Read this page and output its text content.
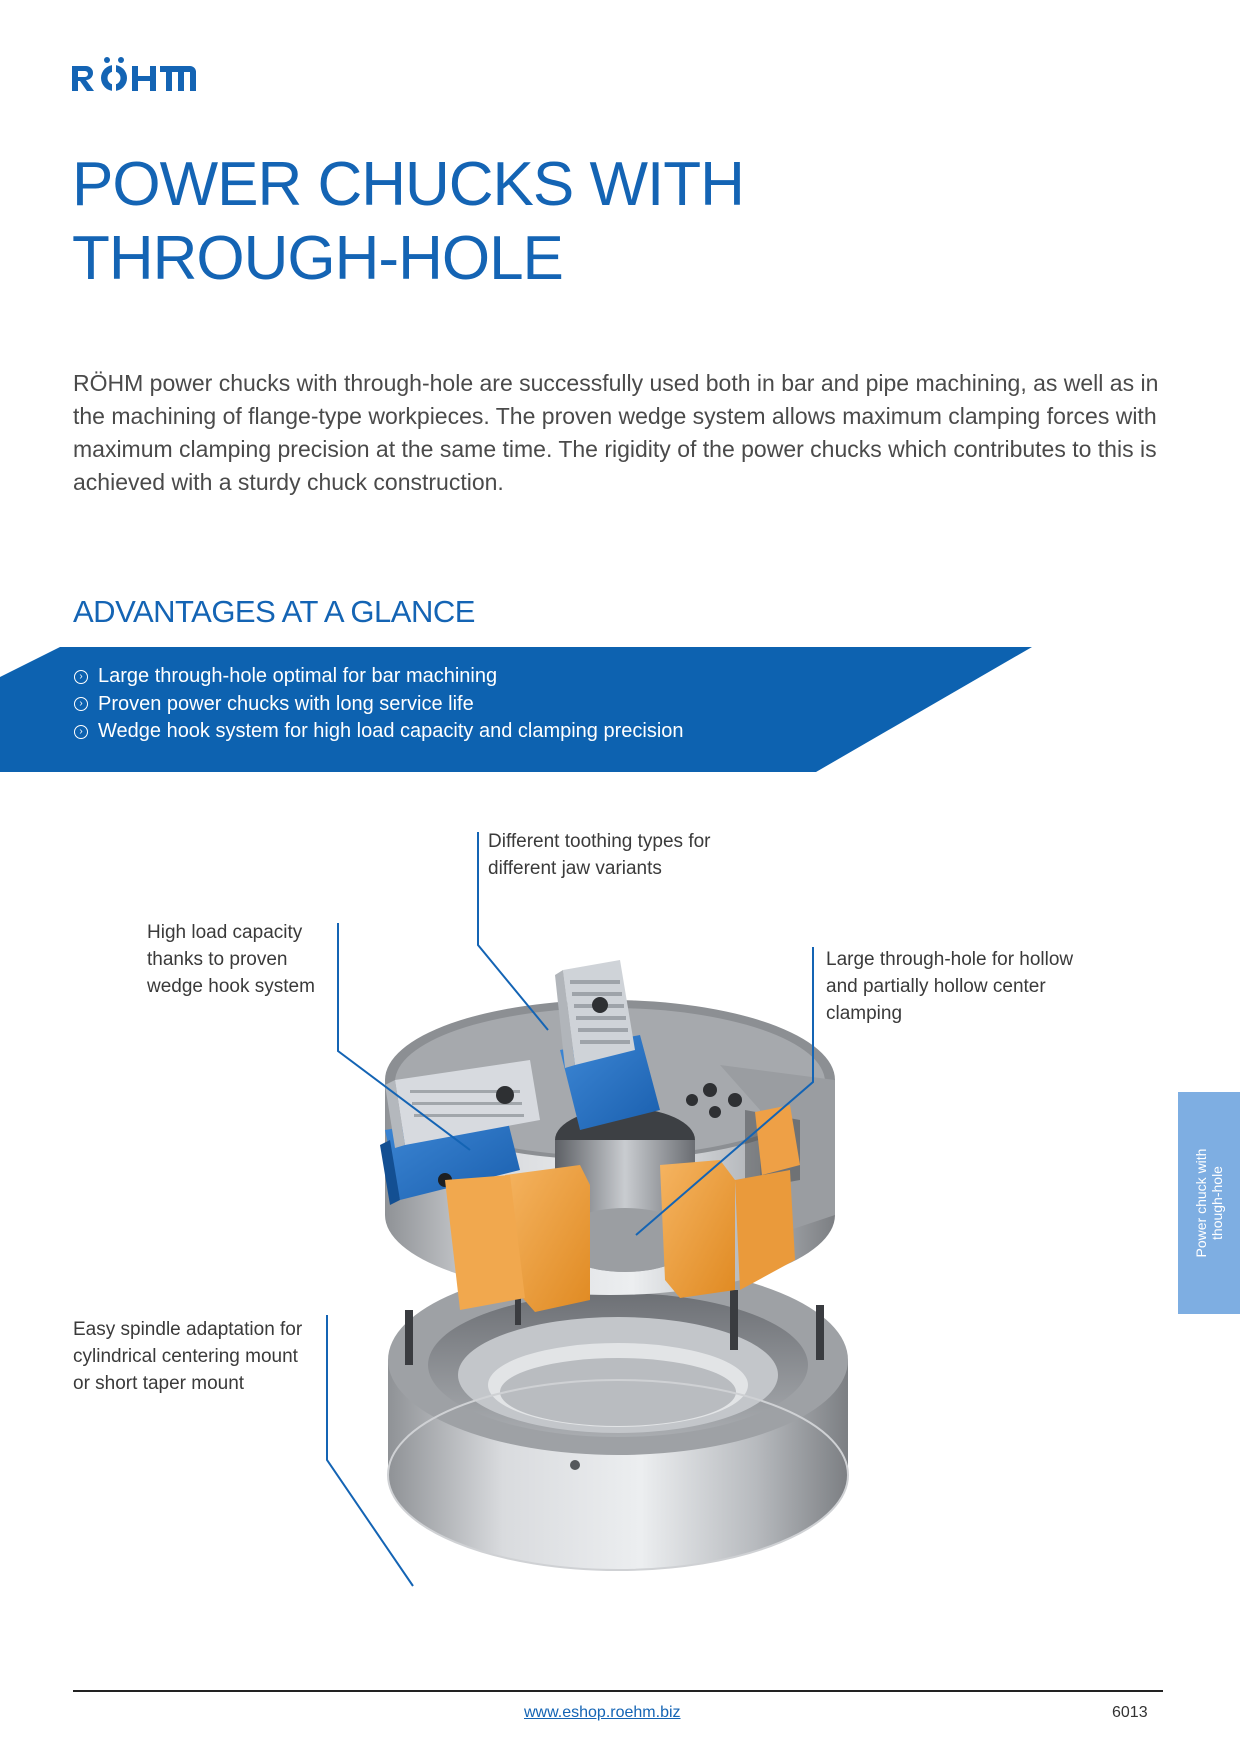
POWER CHUCKS WITH
THROUGH-HOLE

RÖHM power chucks with through-hole are successfully used both in bar and pipe machining, as well as in the machining of flange-type workpieces. The proven wedge system allows maximum clamping forces with maximum clamping precision at the same time. The rigidity of the power chucks which contributes to this is achieved with a sturdy chuck construction.

ADVANTAGES AT A GLANCE
› Large through-hole optimal for bar machining
› Proven power chucks with long service life
› Wedge hook system for high load capacity and clamping precision
Different toothing types for
different jaw variants
High load capacity
thanks to proven
wedge hook system
Large through-hole for hollow
and partially hollow center
clamping
Easy spindle adaptation for
cylindrical centering mount
or short taper mount
Power chuck with though-hole
www.eshop.roehm.biz	6013
